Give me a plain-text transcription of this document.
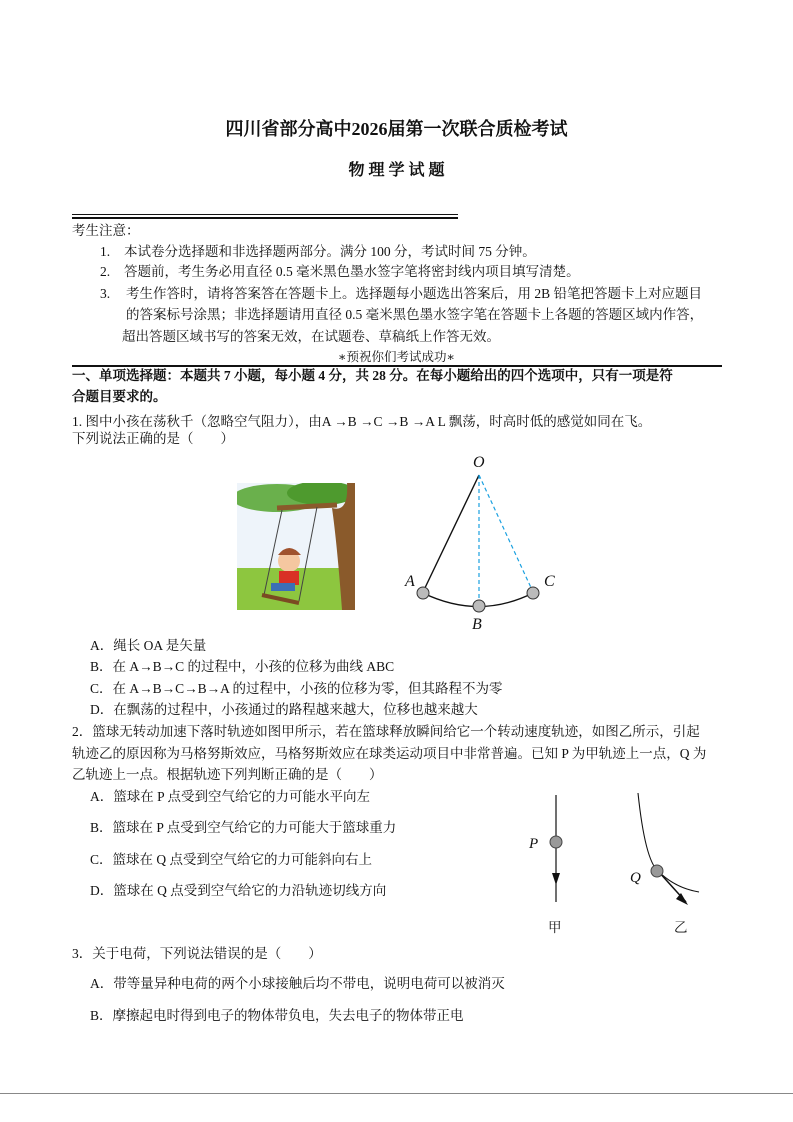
四川省部分高中2026届第一次联合质检考试
物 理 学 试 题
考生注意：
1. 本试卷分选择题和非选择题两部分。满分 100 分，考试时间 75 分钟。
2. 答题前，考生务必用直径 0.5 毫米黑色墨水签字笔将密封线内项目填写清楚。
3. 考生作答时，请将答案答在答题卡上。选择题每小题选出答案后，用 2B 铅笔把答题卡上对应题目
的答案标号涂黑；非选择题请用直径 0.5 毫米黑色墨水签字笔在答题卡上各题的答题区域内作答，
超出答题区域书写的答案无效，在试题卷、草稿纸上作答无效。
∗预祝你们考试成功∗
一、单项选择题：本题共 7 小题，每小题 4 分，共 28 分。在每小题给出的四个选项中，只有一项是符
合题目要求的。
1. 图中小孩在荡秋千（忽略空气阻力），由A →B →C →B →A L 飘荡，时高时低的感觉如同在飞。
下列说法正确的是（　　）
O
A
B
C
A．绳长 OA 是矢量
B．在 A→B→C 的过程中，小孩的位移为曲线 ABC
C．在 A→B→C→B→A 的过程中，小孩的位移为零，但其路程不为零
D．在飘荡的过程中，小孩通过的路程越来越大，位移也越来越大
2．篮球无转动加速下落时轨迹如图甲所示，若在篮球释放瞬间给它一个转动速度轨迹，如图乙所示，引起
轨迹乙的原因称为马格努斯效应，马格努斯效应在球类运动项目中非常普遍。已知 P 为甲轨迹上一点，Q 为
乙轨迹上一点。根据轨迹下列判断正确的是（　　）
A．篮球在 P 点受到空气给它的力可能水平向左
B．篮球在 P 点受到空气给它的力可能大于篮球重力
C．篮球在 Q 点受到空气给它的力可能斜向右上
D．篮球在 Q 点受到空气给它的力沿轨迹切线方向
P
Q
甲	乙
3．关于电荷，下列说法错误的是（　　）
A．带等量异种电荷的两个小球接触后均不带电，说明电荷可以被消灭
B．摩擦起电时得到电子的物体带负电，失去电子的物体带正电
